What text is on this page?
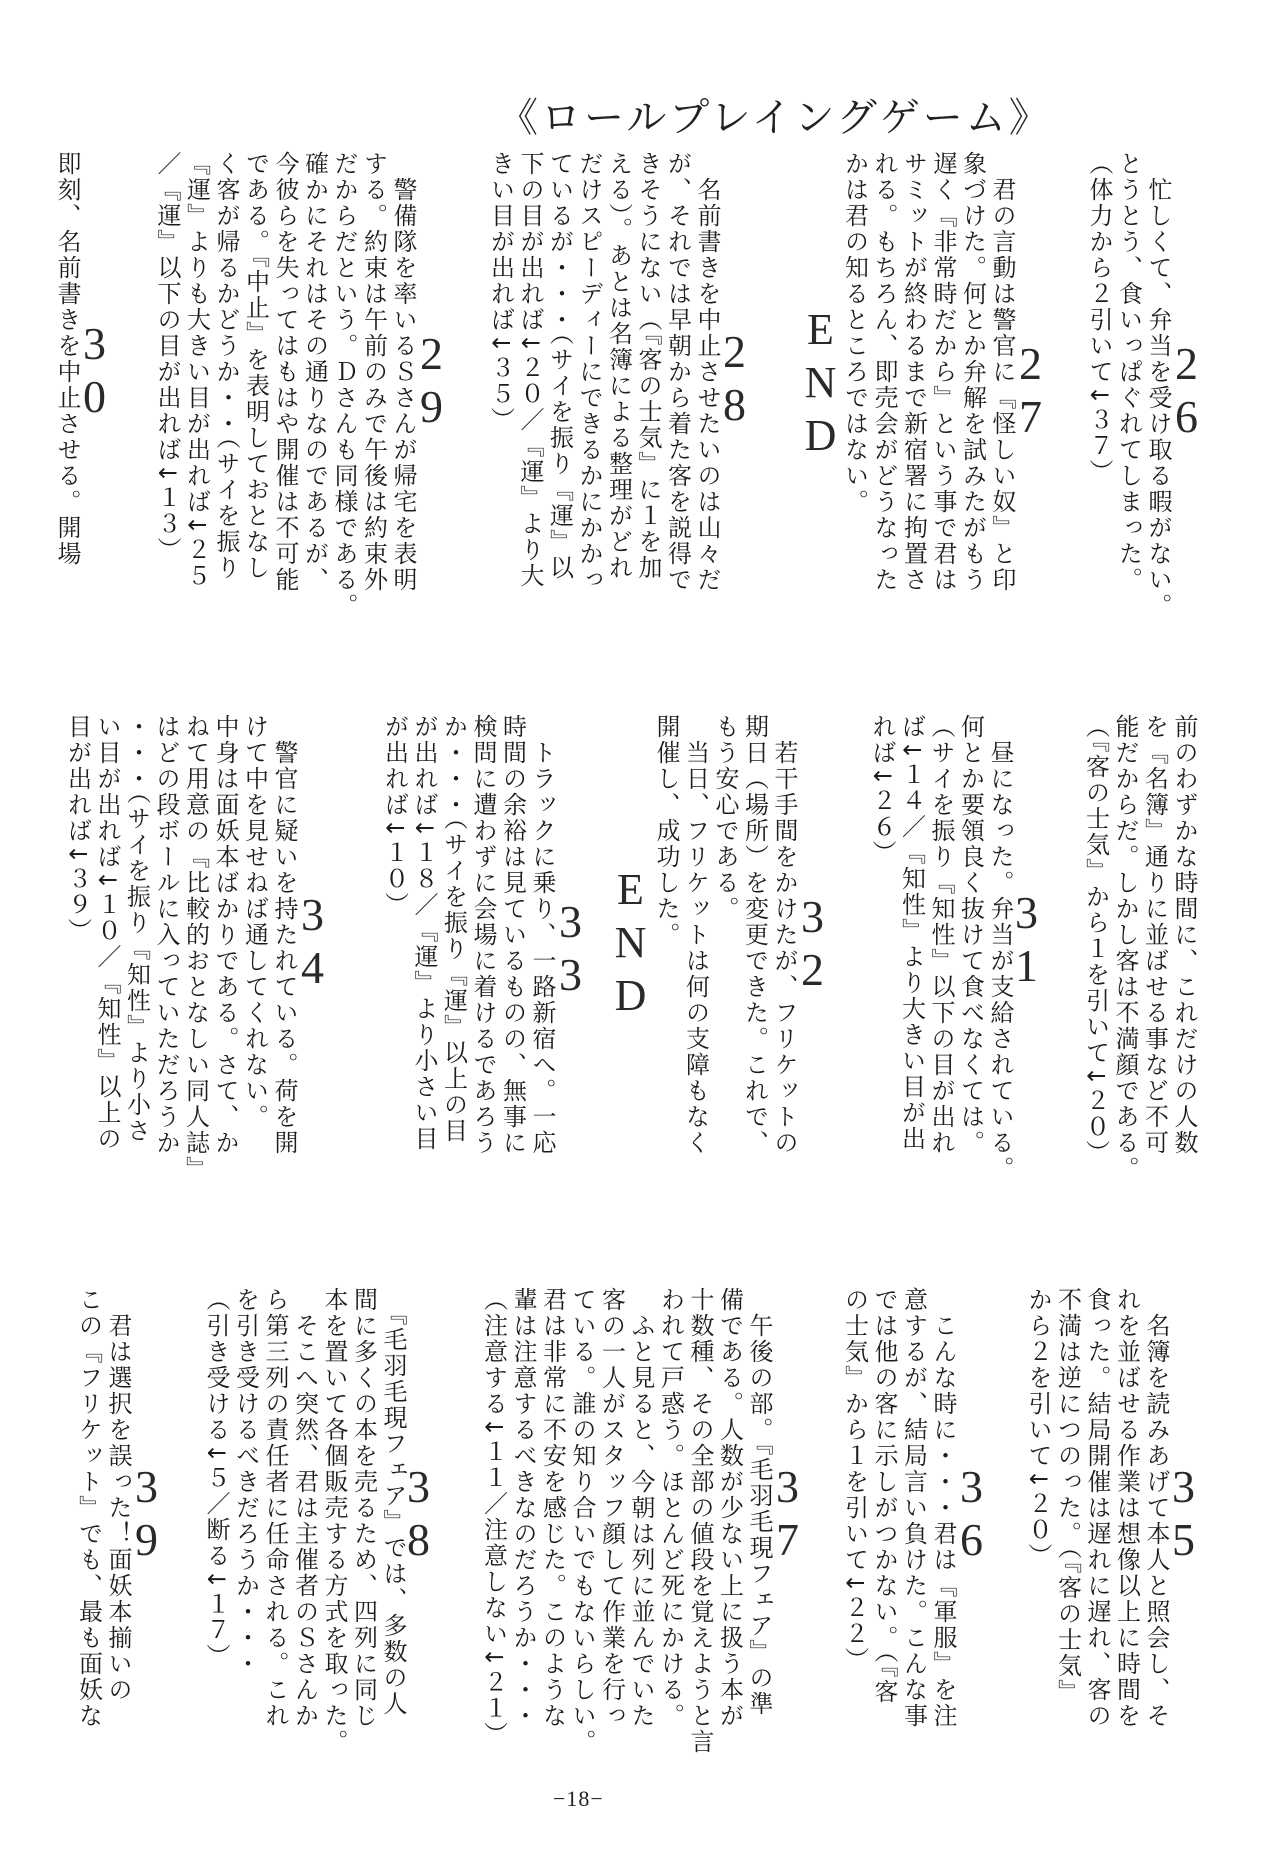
《ロールプレイングゲーム》
　忙しくて、弁当を受け取る暇がない。
とうとう、食いっぱぐれてしまった。
（体力から２引いて↓３７） 26
　君の言動は警官に『怪しい奴』と印
象づけた。何とか弁解を試みたがもう
遅く『非常時だから』という事で君は
サミットが終わるまで新宿署に拘置さ
れる。もちろん、即売会がどうなった
かは君の知るところではない。	27
END
　名前書きを中止させたいのは山々だ
が、それでは早朝から着た客を説得で
きそうにない（『客の士気』に１を加
える）。あとは名簿による整理がどれ
だけスピーディーにできるかにかかっ
ているが・・・（サイを振り『運』以
下の目が出れば↓２０／『運』より大
きい目が出れば↓３５）	28
　警備隊を率いるＳさんが帰宅を表明
する。約束は午前のみで午後は約束外
だからだという。Ｄさんも同様である。
確かにそれはその通りなのであるが、
今彼らを失ってはもはや開催は不可能
である。『中止』を表明しておとなし
く客が帰るかどうか・・（サイを振り
『運』よりも大きい目が出れば↓２５
／『運』以下の目が出れば↓１３）	29
即刻、名前書きを中止させる。開場
30
前のわずかな時間に、これだけの人数
を『名簿』通りに並ばせる事など不可
能だからだ。しかし客は不満顔である。
（『客の士気』から１を引いて↓２０）
　昼になった。弁当が支給されている。
何とか要領良く抜けて食べなくては。
（サイを振り『知性』以下の目が出れ
ば↓１４／『知性』より大きい目が出
れば↓２６）
31
　若干手間をかけたが、フリケットの
期日（場所）を変更できた。これで、
もう安心である。
　当日、フリケットは何の支障もなく
開催し、成功した。 32
END
　トラックに乗り、一路新宿へ。一応
時間の余裕は見ているものの、無事に
検問に遭わずに会場に着けるであろう
か・・・（サイを振り『運』以上の目
が出れば↓１８／『運』より小さい目
が出れば↓１０）
33
　警官に疑いを持たれている。荷を開
けて中を見せねば通してくれない。
中身は面妖本ばかりである。さて、か
ねて用意の『比較的おとなしい同人誌』
はどの段ボールに入っていただろうか
・・・（サイを振り『知性』より小さ
い目が出れば↓１０／『知性』以上の
目が出れば↓３９）	34
　名簿を読みあげて本人と照会し、そ
れを並ばせる作業は想像以上に時間を
食った。結局開催は遅れに遅れ、客の
不満は逆につのった。（『客の士気』
から２を引いて↓２０） 35
　こんな時に・・・君は『軍服』を注
意するが、結局言い負けた。こんな事
では他の客に示しがつかない。（『客
の士気』から１を引いて↓２２） 36
　午後の部。『毛羽毛現フェア』の準
備である。人数が少ない上に扱う本が
十数種、その全部の値段を覚えようと言
われて戸惑う。ほとんど死にかける。
　ふと見ると、今朝は列に並んでいた
客の一人がスタッフ顔して作業を行っ
ている。誰の知り合いでもないらしい。
君は非常に不安を感じた。このような
輩は注意するべきなのだろうか・・・
（注意する↓１１／注意しない↓２１）	37
　『毛羽毛現フェア』では、多数の人
間に多くの本を売るため、四列に同じ
本を置いて各個販売する方式を取った。
　そこへ突然、君は主催者のＳさんか
ら第三列の責任者に任命される。これ
を引き受けるべきだろうか・・・
（引き受ける↓５／断る↓１７）	38
　君は選択を誤った！面妖本揃いの
この『フリケット』でも、最も面妖な 39
−18−
